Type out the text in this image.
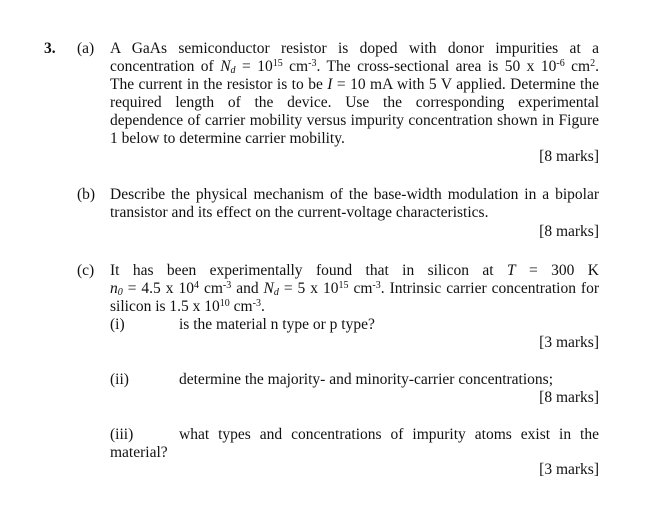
3. (a) A GaAs semiconductor resistor is doped with donor impurities at a
concentration of $N_d = 10^{15}$ $cm^{-3}$. The cross-sectional area is 50 x $10^{-6}$ $cm^2$.
The current in the resistor is to be I = 10 mA with 5 V applied. Determine the
required length of the device. Use the corresponding experimental
dependence of carrier mobility versus impurity concentration shown in Figure
1 below to determine carrier mobility.
[8 marks]
(b) Describe the physical mechanism of the base-width modulation in a bipolar
transistor and its effect on the current-voltage characteristics.
[8 marks]
(c) It has been experimentally found that in silicon at T = 300 K
$n_0 = 4.5$ x $10^4$ $cm^{-3}$ and $N_d = 5$ x $10^{15}$ $cm^{-3}$. Intrinsic carrier concentration for
silicon is 1.5 x $10^{10}$ $cm^{-3}$.
(i)	is the material n type or p type?
[3 marks]
(ii)	determine the majority- and minority-carrier concentrations;
[8 marks]
(iii)	what types and concentrations of impurity atoms exist in the
material?
[3 marks]
